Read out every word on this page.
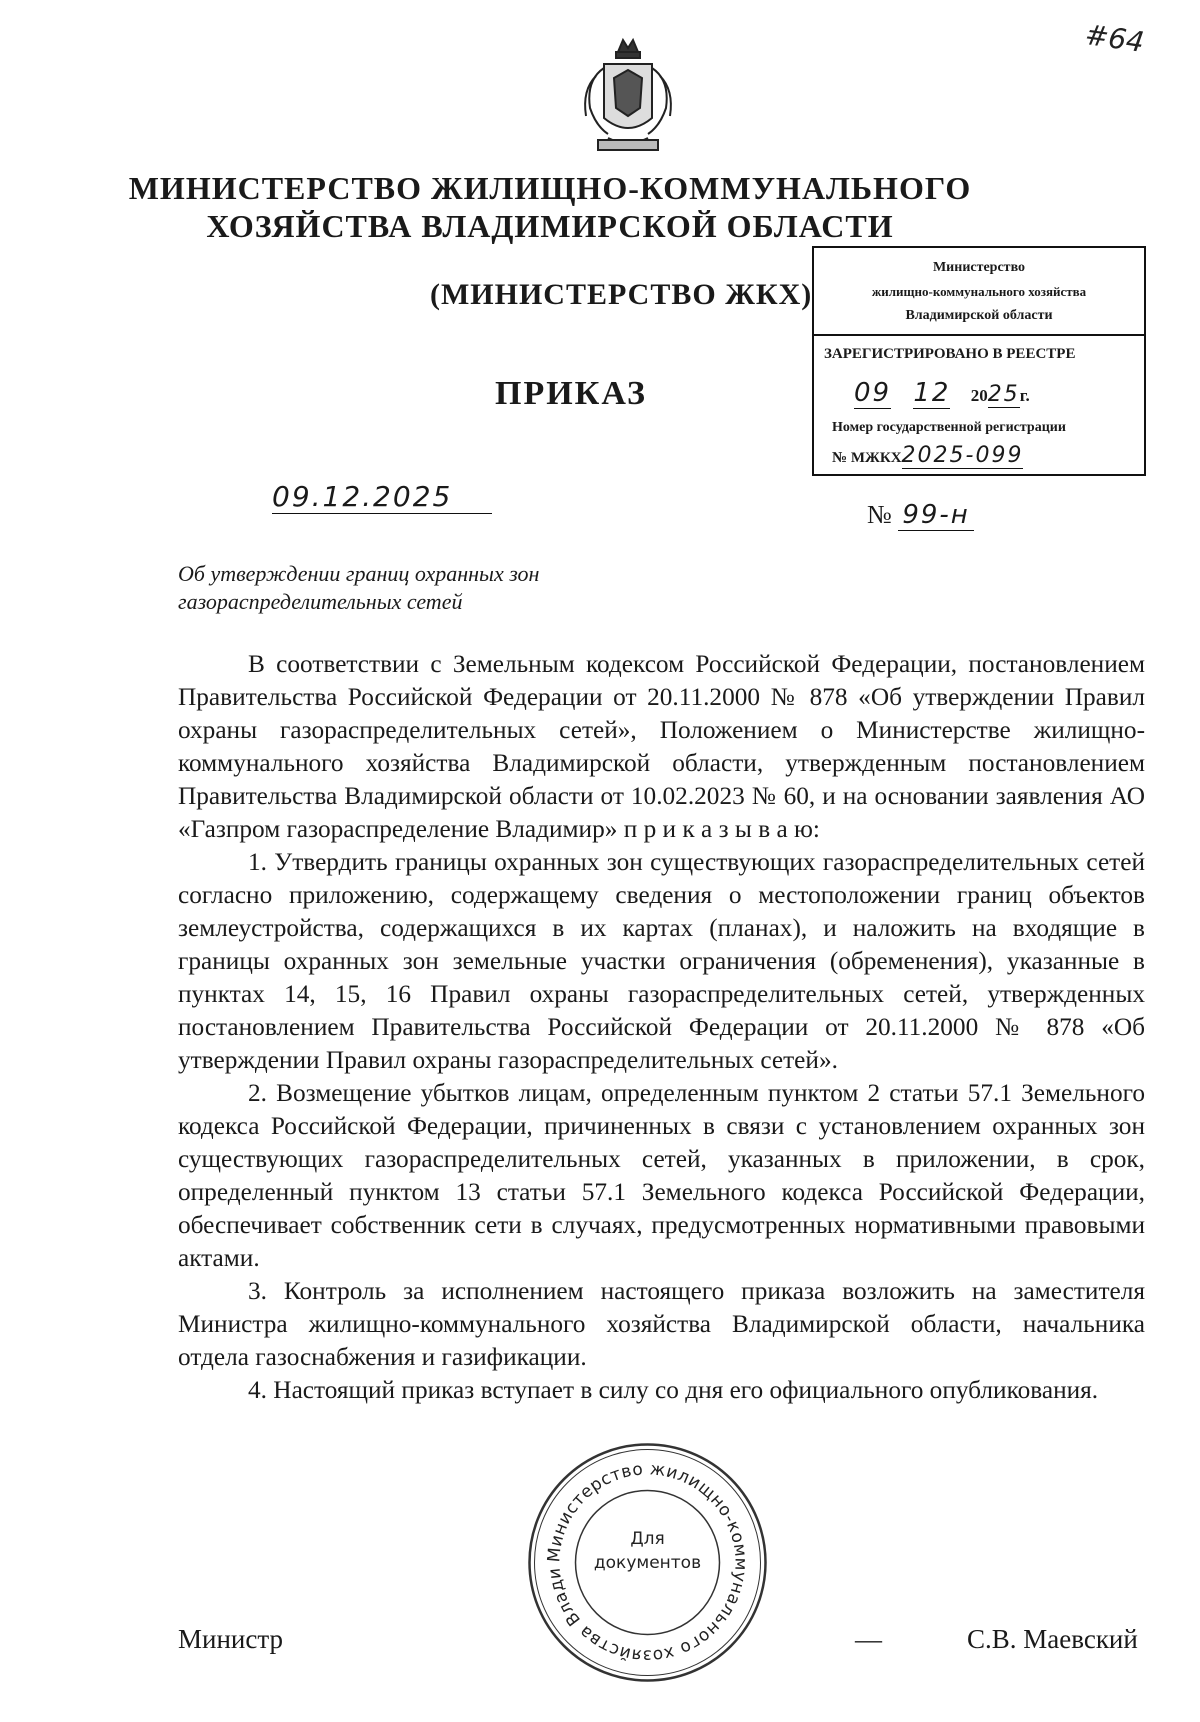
#64
МИНИСТЕРСТВО ЖИЛИЩНО-КОММУНАЛЬНОГО
ХОЗЯЙСТВА ВЛАДИМИРСКОЙ ОБЛАСТИ
(МИНИСТЕРСТВО ЖКХ)
ПРИКАЗ
Министерство
жилищно-коммунального хозяйства
Владимирской области
ЗАРЕГИСТРИРОВАНО В РЕЕСТРЕ
09 12 2025г.
Номер государственной регистрации
№ МЖКХ2025-099
09.12.2025
№ 99-н
Об утверждении границ охранных зон
газораспределительных сетей

В соответствии с Земельным кодексом Российской Федерации, постановлением Правительства Российской Федерации от 20.11.2000 № 878 «Об утверждении Правил охраны газораспределительных сетей», Положением о Министерстве жилищно-коммунального хозяйства Владимирской области, утвержденным постановлением Правительства Владимирской области от 10.02.2023 № 60, и на основании заявления АО «Газпром газораспределение Владимир» п р и к а з ы в а ю:

1. Утвердить границы охранных зон существующих газораспределительных сетей согласно приложению, содержащему сведения о местоположении границ объектов землеустройства, содержащихся в их картах (планах), и наложить на входящие в границы охранных зон земельные участки ограничения (обременения), указанные в пунктах 14, 15, 16 Правил охраны газораспределительных сетей, утвержденных постановлением Правительства Российской Федерации от 20.11.2000 № 878 «Об утверждении Правил охраны газораспределительных сетей».

2. Возмещение убытков лицам, определенным пунктом 2 статьи 57.1 Земельного кодекса Российской Федерации, причиненных в связи с установлением охранных зон существующих газораспределительных сетей, указанных в приложении, в срок, определенный пунктом 13 статьи 57.1 Земельного кодекса Российской Федерации, обеспечивает собственник сети в случаях, предусмотренных нормативными правовыми актами.

3. Контроль за исполнением настоящего приказа возложить на заместителя Министра жилищно-коммунального хозяйства Владимирской области, начальника отдела газоснабжения и газификации.

4. Настоящий приказ вступает в силу со дня его официального опубликования.

Министерство жилищно-коммунального хозяйства Влади
Для
документов
Министр	—	С.В. Маевский
